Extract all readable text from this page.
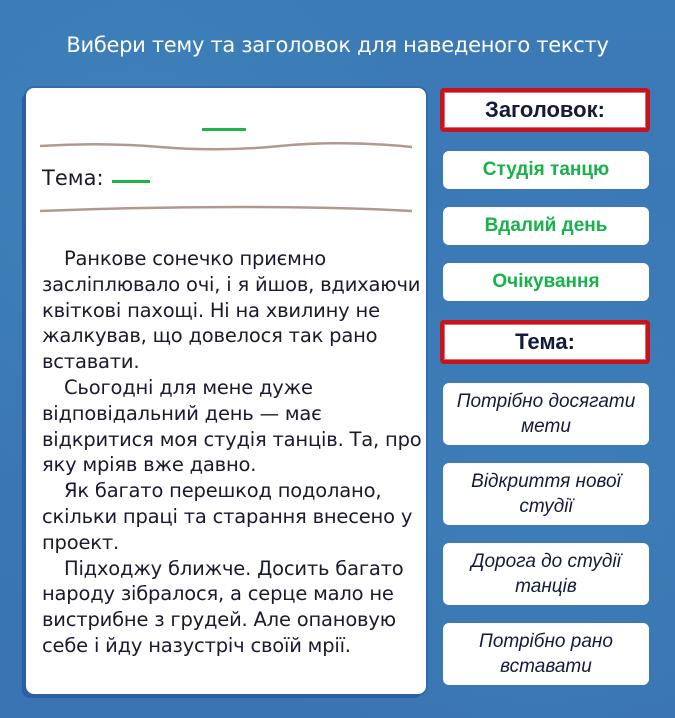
Вибери тему та заголовок для наведеного тексту
Тема:

Ранкове сонечко приємно засліплювало очі, і я йшов, вдихаючи квіткові пахощі. Ні на хвилину не жалкував, що довелося так рано вставати.

Сьогодні для мене дуже відповідальний день — має відкритися моя студія танців. Та, про яку мріяв вже давно.

Як багато перешкод подолано, скільки праці та старання внесено у проект.

Підходжу ближче. Досить багато народу зібралося, а серце мало не вистрибне з грудей. Але опановую себе і йду назустріч своїй мрії.

Заголовок:
Студія танцю
Вдалий день
Очікування
Тема:
Потрібно досягати мети
Відкриття нової студії
Дорога до студії танців
Потрібно рано вставати
